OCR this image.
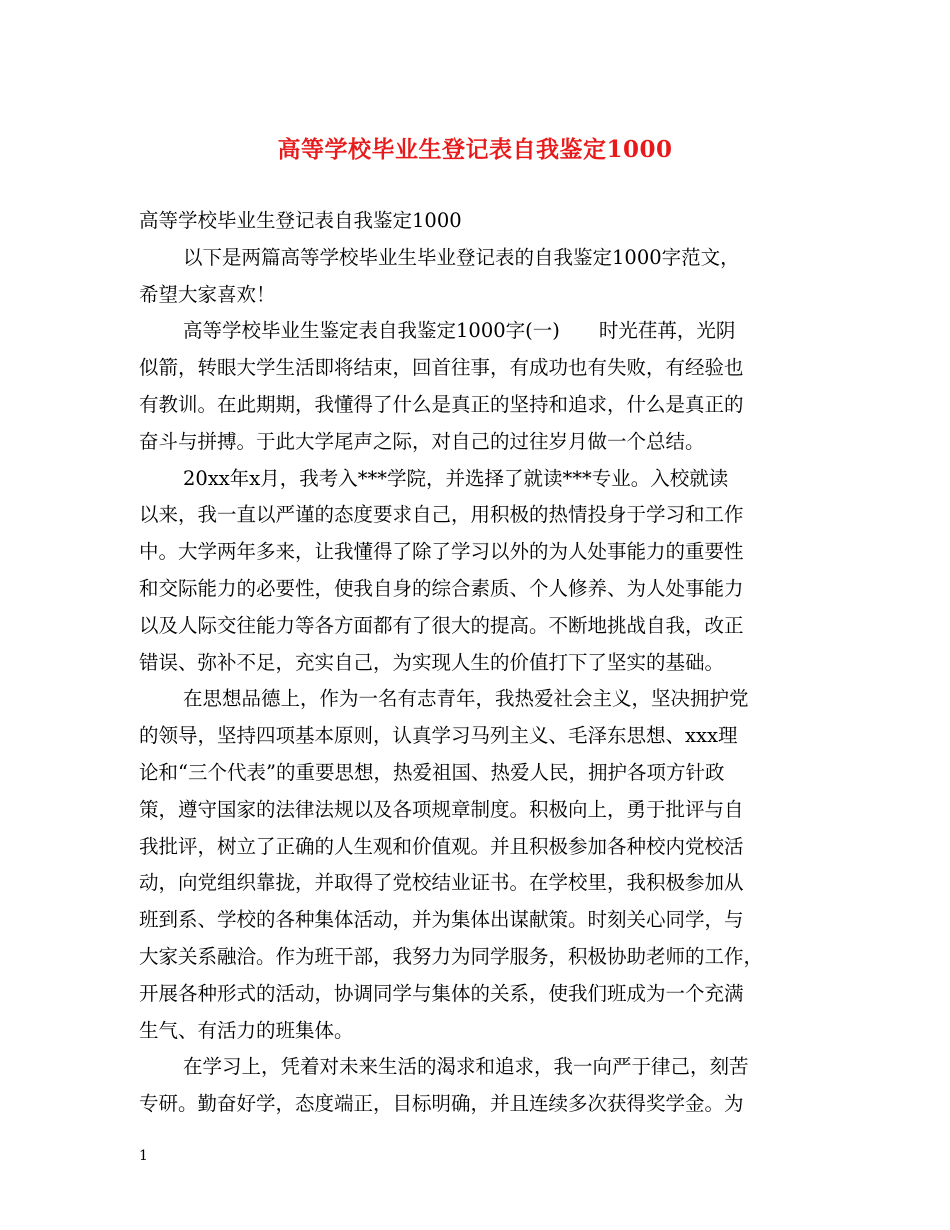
高等学校毕业生登记表自我鉴定1000
高等学校毕业生登记表自我鉴定1000
以下是两篇高等学校毕业生毕业登记表的自我鉴定1000字范文，
希望大家喜欢！
高等学校毕业生鉴定表自我鉴定1000字(一)　　时光荏苒，光阴
似箭，转眼大学生活即将结束，回首往事，有成功也有失败，有经验也
有教训。在此期期，我懂得了什么是真正的坚持和追求，什么是真正的
奋斗与拼搏。于此大学尾声之际，对自己的过往岁月做一个总结。
20xx年x月，我考入***学院，并选择了就读***专业。入校就读
以来，我一直以严谨的态度要求自己，用积极的热情投身于学习和工作
中。大学两年多来，让我懂得了除了学习以外的为人处事能力的重要性
和交际能力的必要性，使我自身的综合素质、个人修养、为人处事能力
以及人际交往能力等各方面都有了很大的提高。不断地挑战自我，改正
错误、弥补不足，充实自己，为实现人生的价值打下了坚实的基础。
在思想品德上，作为一名有志青年，我热爱社会主义，坚决拥护党
的领导，坚持四项基本原则，认真学习马列主义、毛泽东思想、xxx理
论和“三个代表”的重要思想，热爱祖国、热爱人民，拥护各项方针政
策，遵守国家的法律法规以及各项规章制度。积极向上，勇于批评与自
我批评，树立了正确的人生观和价值观。并且积极参加各种校内党校活
动，向党组织靠拢，并取得了党校结业证书。在学校里，我积极参加从
班到系、学校的各种集体活动，并为集体出谋献策。时刻关心同学，与
大家关系融洽。作为班干部，我努力为同学服务，积极协助老师的工作，
开展各种形式的活动，协调同学与集体的关系，使我们班成为一个充满
生气、有活力的班集体。
在学习上，凭着对未来生活的渴求和追求，我一向严于律己，刻苦
专研。勤奋好学，态度端正，目标明确，并且连续多次获得奖学金。为
1
